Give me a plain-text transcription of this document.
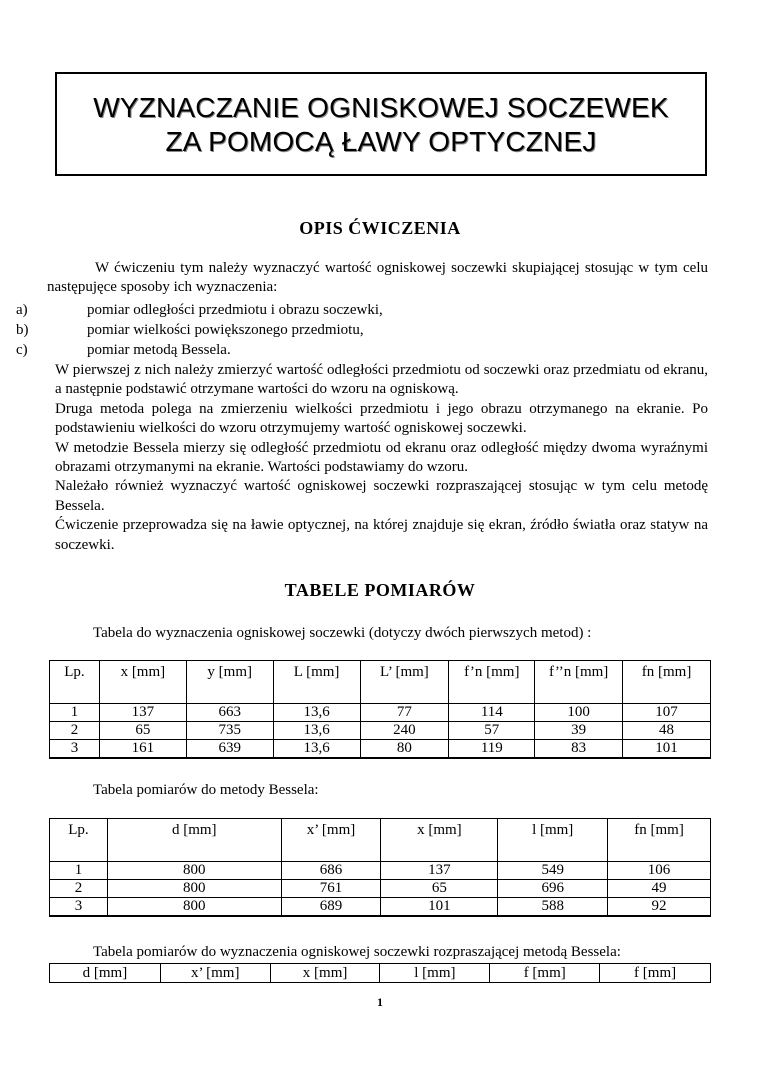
WYZNACZANIE OGNISKOWEJ SOCZEWEK
ZA POMOCĄ ŁAWY OPTYCZNEJ
OPIS ĆWICZENIA

W ćwiczeniu tym należy wyznaczyć wartość ogniskowej soczewki skupiającej stosując w tym celu następujęce sposoby ich wyznaczenia:

a)	pomiar odległości przedmiotu i obrazu soczewki,
b)	pomiar wielkości powiększonego przedmiotu,
c)	pomiar metodą Bessela.

W pierwszej z nich należy zmierzyć wartość odległości przedmiotu od soczewki oraz przedmiatu od ekranu, a następnie podstawić otrzymane wartości do wzoru na ogniskową.

Druga metoda polega na zmierzeniu wielkości przedmiotu i jego obrazu otrzymanego na ekranie. Po podstawieniu wielkości do wzoru otrzymujemy wartość ogniskowej soczewki.

W metodzie Bessela mierzy się odległość przedmiotu od ekranu oraz odległość między dwoma wyraźnymi obrazami otrzymanymi na ekranie. Wartości podstawiamy do wzoru.

Należało również wyznaczyć wartość ogniskowej soczewki rozpraszającej stosując w tym celu metodę Bessela.

Ćwiczenie przeprowadza się na ławie optycznej, na której znajduje się ekran, źródło światła oraz statyw na soczewki.

TABELE POMIARÓW
Tabela do wyznaczenia ogniskowej soczewki (dotyczy dwóch pierwszych metod) :
Lp.	x [mm]	y [mm]	L [mm]	L’ [mm]	f’n [mm]	f’’n [mm]	fn [mm]
1	137	663	13,6	77	114	100	107
2	65	735	13,6	240	57	39	48
3	161	639	13,6	80	119	83	101
Tabela pomiarów do metody Bessela:
Lp.	d [mm]	x’ [mm]	x [mm]	l [mm]	fn [mm]
1	800	686	137	549	106
2	800	761	65	696	49
3	800	689	101	588	92
Tabela pomiarów do wyznaczenia ogniskowej soczewki rozpraszającej metodą Bessela:
d [mm]	x’ [mm]	x [mm]	l [mm]	f [mm]	f [mm]
1
